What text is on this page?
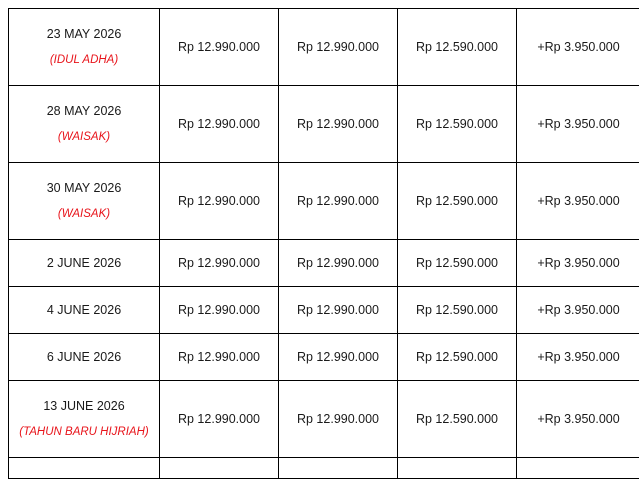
23 MAY 2026
(IDUL ADHA)	Rp 12.990.000	Rp 12.990.000	Rp 12.590.000	+Rp 3.950.000

28 MAY 2026
(WAISAK)	Rp 12.990.000	Rp 12.990.000	Rp 12.590.000	+Rp 3.950.000

30 MAY 2026
(WAISAK)	Rp 12.990.000	Rp 12.990.000	Rp 12.590.000	+Rp 3.950.000

2 JUNE 2026	Rp 12.990.000	Rp 12.990.000	Rp 12.590.000	+Rp 3.950.000

4 JUNE 2026	Rp 12.990.000	Rp 12.990.000	Rp 12.590.000	+Rp 3.950.000

6 JUNE 2026	Rp 12.990.000	Rp 12.990.000	Rp 12.590.000	+Rp 3.950.000

13 JUNE 2026
(TAHUN BARU HIJRIAH)	Rp 12.990.000	Rp 12.990.000	Rp 12.590.000	+Rp 3.950.000
